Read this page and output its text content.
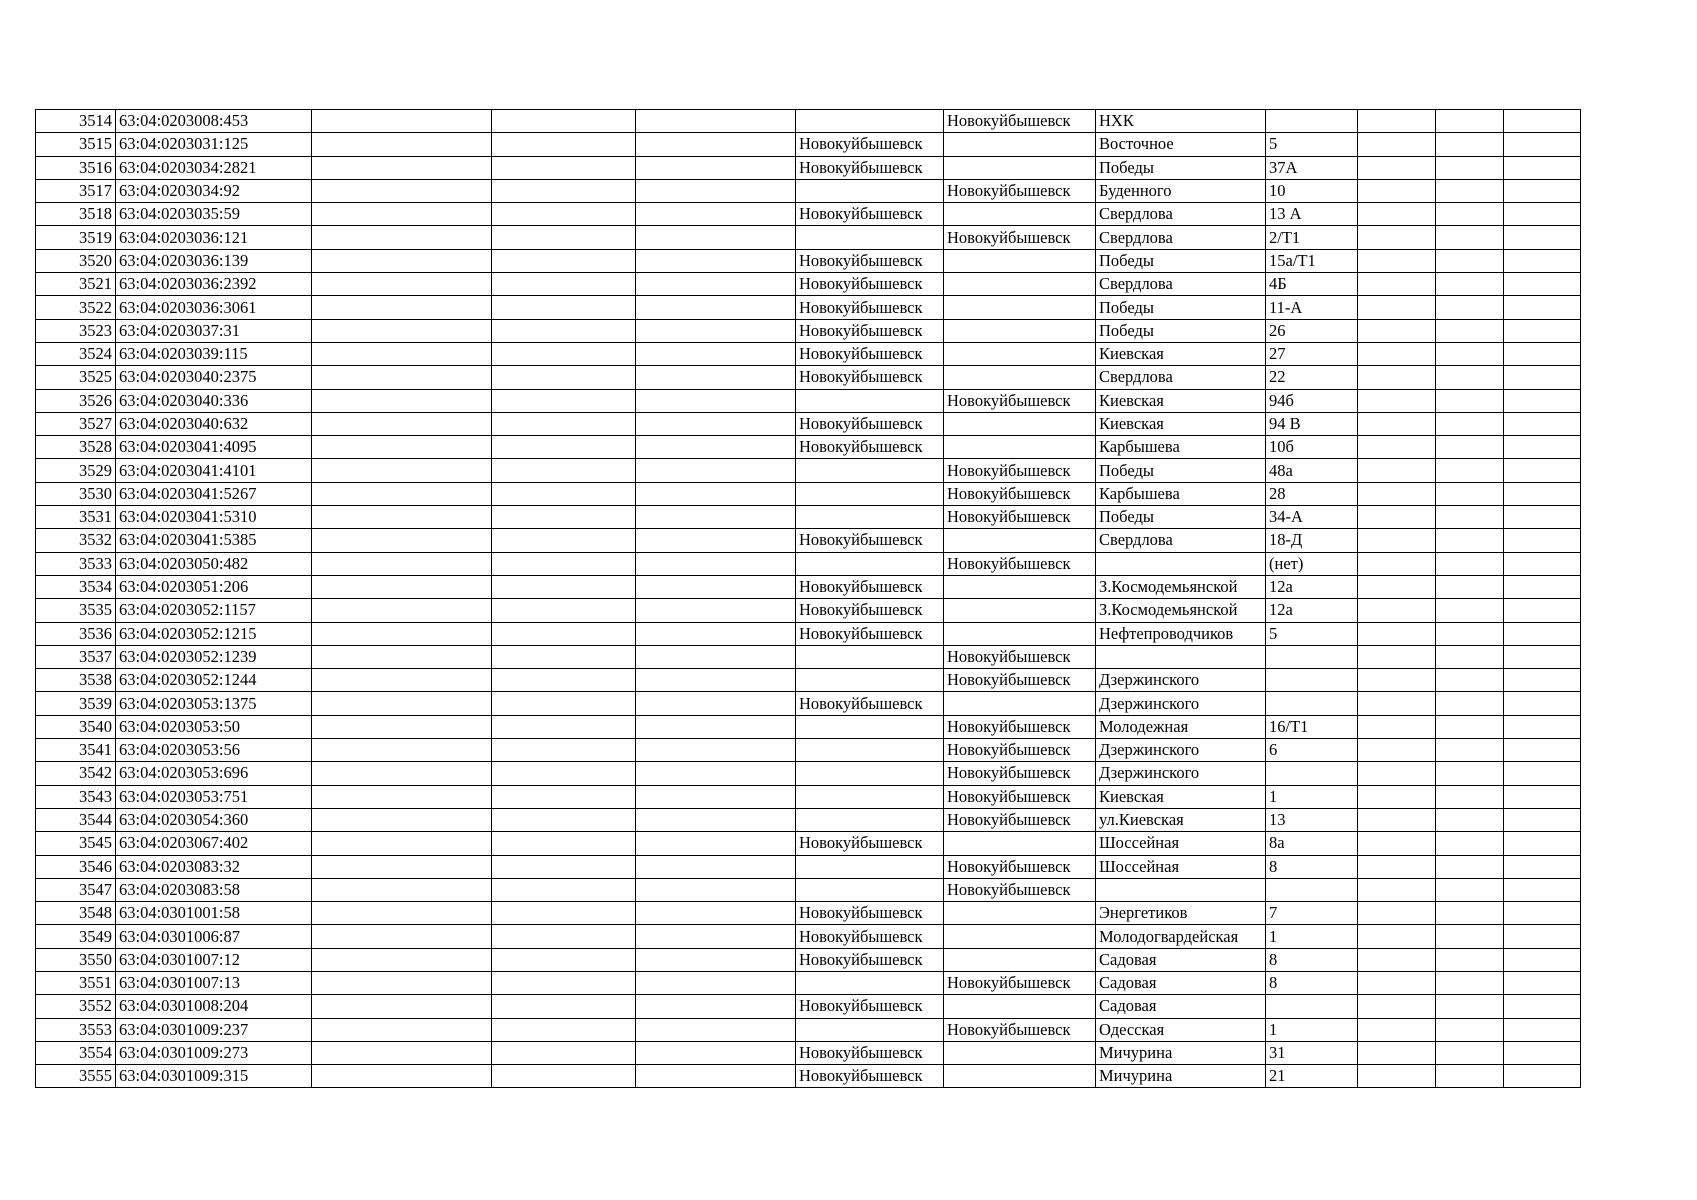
3514	63:04:0203008:453					Новокуйбышевск	НХК				
3515	63:04:0203031:125				Новокуйбышевск		Восточное	5			
3516	63:04:0203034:2821				Новокуйбышевск		Победы	37А			
3517	63:04:0203034:92					Новокуйбышевск	Буденного	10			
3518	63:04:0203035:59				Новокуйбышевск		Свердлова	13 А			
3519	63:04:0203036:121					Новокуйбышевск	Свердлова	2/Т1			
3520	63:04:0203036:139				Новокуйбышевск		Победы	15а/Т1			
3521	63:04:0203036:2392				Новокуйбышевск		Свердлова	4Б			
3522	63:04:0203036:3061				Новокуйбышевск		Победы	11-А			
3523	63:04:0203037:31				Новокуйбышевск		Победы	26			
3524	63:04:0203039:115				Новокуйбышевск		Киевская	27			
3525	63:04:0203040:2375				Новокуйбышевск		Свердлова	22			
3526	63:04:0203040:336					Новокуйбышевск	Киевская	94б			
3527	63:04:0203040:632				Новокуйбышевск		Киевская	94 В			
3528	63:04:0203041:4095				Новокуйбышевск		Карбышева	10б			
3529	63:04:0203041:4101					Новокуйбышевск	Победы	48а			
3530	63:04:0203041:5267					Новокуйбышевск	Карбышева	28			
3531	63:04:0203041:5310					Новокуйбышевск	Победы	34-А			
3532	63:04:0203041:5385				Новокуйбышевск		Свердлова	18-Д			
3533	63:04:0203050:482					Новокуйбышевск		(нет)			
3534	63:04:0203051:206				Новокуйбышевск		З.Космодемьянской	12а			
3535	63:04:0203052:1157				Новокуйбышевск		З.Космодемьянской	12а			
3536	63:04:0203052:1215				Новокуйбышевск		Нефтепроводчиков	5			
3537	63:04:0203052:1239					Новокуйбышевск					
3538	63:04:0203052:1244					Новокуйбышевск	Дзержинского				
3539	63:04:0203053:1375				Новокуйбышевск		Дзержинского				
3540	63:04:0203053:50					Новокуйбышевск	Молодежная	16/Т1			
3541	63:04:0203053:56					Новокуйбышевск	Дзержинского	6			
3542	63:04:0203053:696					Новокуйбышевск	Дзержинского				
3543	63:04:0203053:751					Новокуйбышевск	Киевская	1			
3544	63:04:0203054:360					Новокуйбышевск	ул.Киевская	13			
3545	63:04:0203067:402				Новокуйбышевск		Шоссейная	8а			
3546	63:04:0203083:32					Новокуйбышевск	Шоссейная	8			
3547	63:04:0203083:58					Новокуйбышевск					
3548	63:04:0301001:58				Новокуйбышевск		Энергетиков	7			
3549	63:04:0301006:87				Новокуйбышевск		Молодогвардейская	1			
3550	63:04:0301007:12				Новокуйбышевск		Садовая	8			
3551	63:04:0301007:13					Новокуйбышевск	Садовая	8			
3552	63:04:0301008:204				Новокуйбышевск		Садовая				
3553	63:04:0301009:237					Новокуйбышевск	Одесская	1			
3554	63:04:0301009:273				Новокуйбышевск		Мичурина	31			
3555	63:04:0301009:315				Новокуйбышевск		Мичурина	21			
